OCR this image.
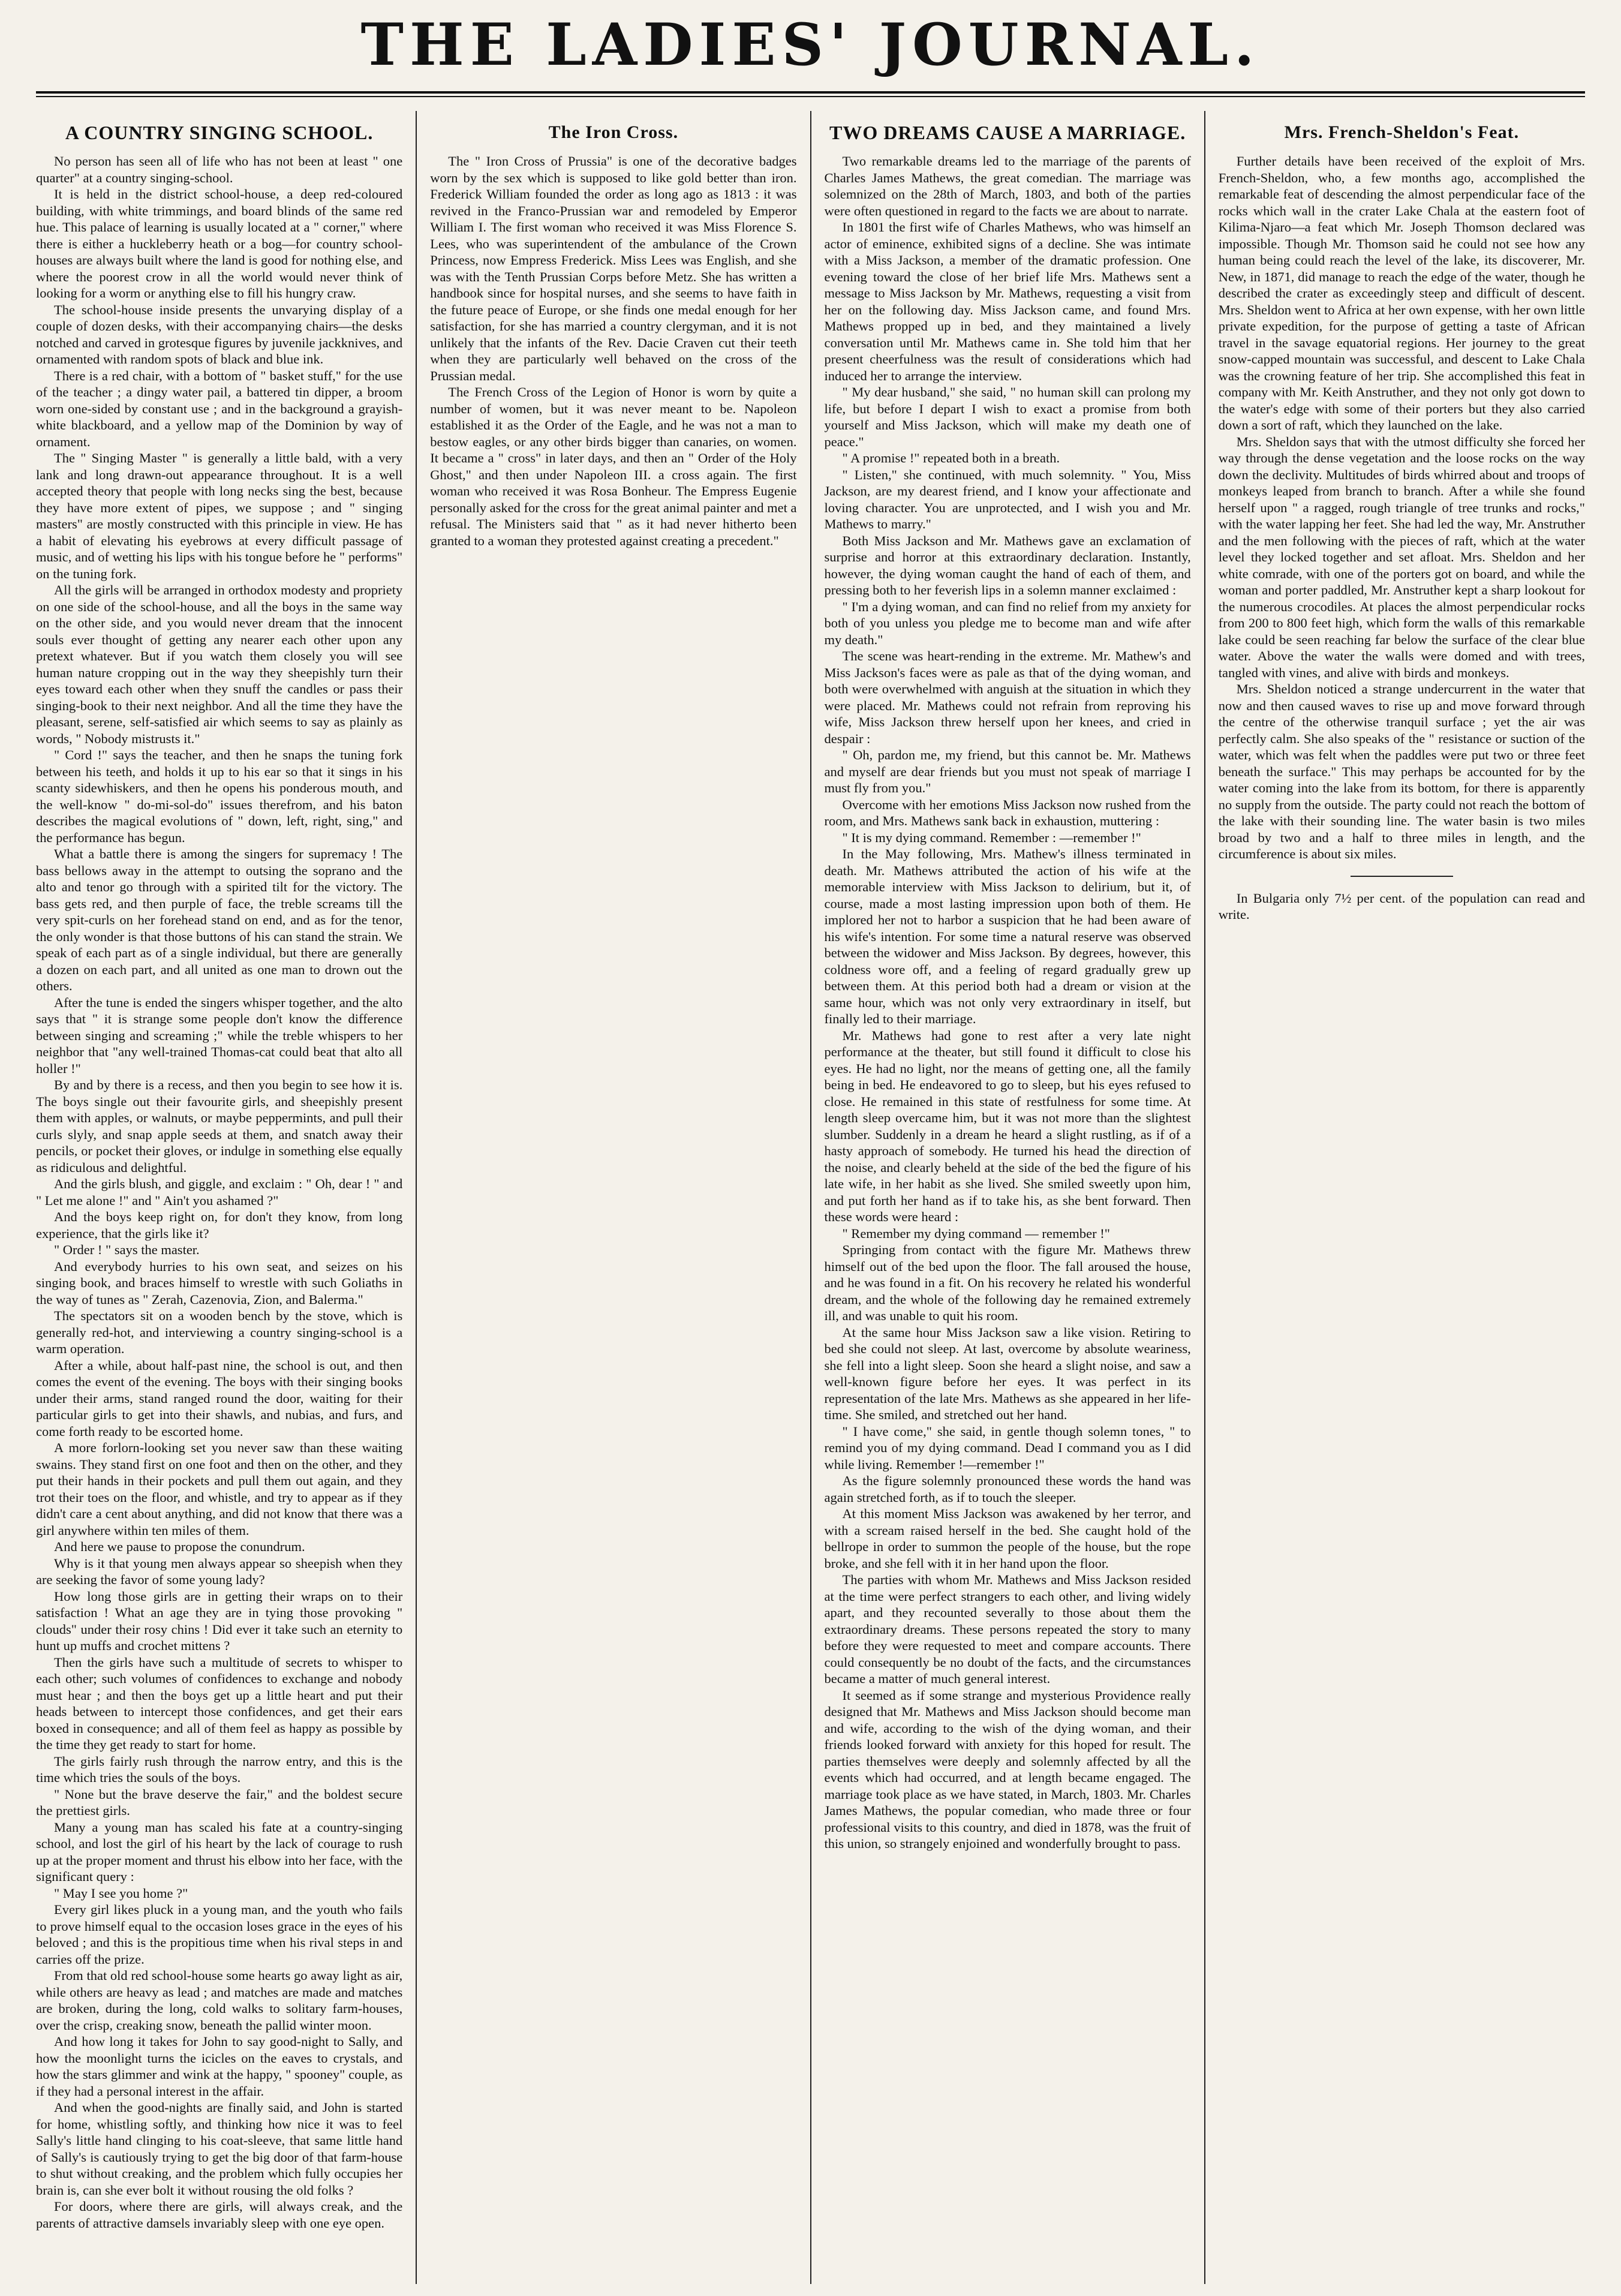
THE LADIES' JOURNAL.
A COUNTRY SINGING SCHOOL.

No person has seen all of life who has not been at least " one quarter" at a country singing-school.

It is held in the district school-house, a deep red-coloured building, with white trimmings, and board blinds of the same red hue. This palace of learning is usually located at a " corner," where there is either a huckleberry heath or a bog—for country school-houses are always built where the land is good for nothing else, and where the poorest crow in all the world would never think of looking for a worm or anything else to fill his hungry craw.

The school-house inside presents the unvarying display of a couple of dozen desks, with their accompanying chairs—the desks notched and carved in grotesque figures by juvenile jackknives, and ornamented with random spots of black and blue ink.

There is a red chair, with a bottom of " basket stuff," for the use of the teacher ; a dingy water pail, a battered tin dipper, a broom worn one-sided by constant use ; and in the background a grayish-white blackboard, and a yellow map of the Dominion by way of ornament.

The " Singing Master " is generally a little bald, with a very lank and long drawn-out appearance throughout. It is a well accepted theory that people with long necks sing the best, because they have more extent of pipes, we suppose ; and " singing masters" are mostly constructed with this principle in view. He has a habit of elevating his eyebrows at every difficult passage of music, and of wetting his lips with his tongue before he " performs" on the tuning fork.

All the girls will be arranged in orthodox modesty and propriety on one side of the school-house, and all the boys in the same way on the other side, and you would never dream that the innocent souls ever thought of getting any nearer each other upon any pretext whatever. But if you watch them closely you will see human nature cropping out in the way they sheepishly turn their eyes toward each other when they snuff the candles or pass their singing-book to their next neighbor. And all the time they have the pleasant, serene, self-satisfied air which seems to say as plainly as words, " Nobody mistrusts it."

" Cord !" says the teacher, and then he snaps the tuning fork between his teeth, and holds it up to his ear so that it sings in his scanty sidewhiskers, and then he opens his ponderous mouth, and the well-know " do-mi-sol-do" issues therefrom, and his baton describes the magical evolutions of " down, left, right, sing," and the performance has begun.

What a battle there is among the singers for supremacy ! The bass bellows away in the attempt to outsing the soprano and the alto and tenor go through with a spirited tilt for the victory. The bass gets red, and then purple of face, the treble screams till the very spit-curls on her forehead stand on end, and as for the tenor, the only wonder is that those buttons of his can stand the strain. We speak of each part as of a single individual, but there are generally a dozen on each part, and all united as one man to drown out the others.

After the tune is ended the singers whisper together, and the alto says that " it is strange some people don't know the difference between singing and screaming ;" while the treble whispers to her neighbor that "any well-trained Thomas-cat could beat that alto all holler !"

By and by there is a recess, and then you begin to see how it is. The boys single out their favourite girls, and sheepishly present them with apples, or walnuts, or maybe peppermints, and pull their curls slyly, and snap apple seeds at them, and snatch away their pencils, or pocket their gloves, or indulge in something else equally as ridiculous and delightful.

And the girls blush, and giggle, and exclaim : " Oh, dear ! " and " Let me alone !" and " Ain't you ashamed ?"

And the boys keep right on, for don't they know, from long experience, that the girls like it?

" Order ! " says the master.

And everybody hurries to his own seat, and seizes on his singing book, and braces himself to wrestle with such Goliaths in the way of tunes as " Zerah, Cazenovia, Zion, and Balerma."

The spectators sit on a wooden bench by the stove, which is generally red-hot, and interviewing a country singing-school is a warm operation.

After a while, about half-past nine, the school is out, and then comes the event of the evening. The boys with their singing books under their arms, stand ranged round the door, waiting for their particular girls to get into their shawls, and nubias, and furs, and come forth ready to be escorted home.

A more forlorn-looking set you never saw than these waiting swains. They stand first on one foot and then on the other, and they put their hands in their pockets and pull them out again, and they trot their toes on the floor, and whistle, and try to appear as if they didn't care a cent about anything, and did not know that there was a girl anywhere within ten miles of them.

And here we pause to propose the conundrum.

Why is it that young men always appear so sheepish when they are seeking the favor of some young lady?

How long those girls are in getting their wraps on to their satisfaction ! What an age they are in tying those provoking " clouds" under their rosy chins ! Did ever it take such an eternity to hunt up muffs and crochet mittens ?

Then the girls have such a multitude of secrets to whisper to each other; such volumes of confidences to exchange and nobody must hear ; and then the boys get up a little heart and put their heads between to intercept those confidences, and get their ears boxed in consequence; and all of them feel as happy as possible by the time they get ready to start for home.

The girls fairly rush through the narrow entry, and this is the time which tries the souls of the boys.

" None but the brave deserve the fair," and the boldest secure the prettiest girls.

Many a young man has scaled his fate at a country-singing school, and lost the girl of his heart by the lack of courage to rush up at the proper moment and thrust his elbow into her face, with the significant query :

" May I see you home ?"

Every girl likes pluck in a young man, and the youth who fails to prove himself equal to the occasion loses grace in the eyes of his beloved ; and this is the propitious time when his rival steps in and carries off the prize.

From that old red school-house some hearts go away light as air, while others are heavy as lead ; and matches are made and matches are broken, during the long, cold walks to solitary farm-houses, over the crisp, creaking snow, beneath the pallid winter moon.

And how long it takes for John to say good-night to Sally, and how the moonlight turns the icicles on the eaves to crystals, and how the stars glimmer and wink at the happy, " spooney" couple, as if they had a personal interest in the affair.

And when the good-nights are finally said, and John is started for home, whistling softly, and thinking how nice it was to feel Sally's little hand clinging to his coat-sleeve, that same little hand of Sally's is cautiously trying to get the big door of that farm-house to shut without creaking, and the problem which fully occupies her brain is, can she ever bolt it without rousing the old folks ?

For doors, where there are girls, will always creak, and the parents of attractive damsels invariably sleep with one eye open.

The Iron Cross.

The " Iron Cross of Prussia" is one of the decorative badges worn by the sex which is supposed to like gold better than iron. Frederick William founded the order as long ago as 1813 : it was revived in the Franco-Prussian war and remodeled by Emperor William I. The first woman who received it was Miss Florence S. Lees, who was superintendent of the ambulance of the Crown Princess, now Empress Frederick. Miss Lees was English, and she was with the Tenth Prussian Corps before Metz. She has written a handbook since for hospital nurses, and she seems to have faith in the future peace of Europe, or she finds one medal enough for her satisfaction, for she has married a country clergyman, and it is not unlikely that the infants of the Rev. Dacie Craven cut their teeth when they are particularly well behaved on the cross of the Prussian medal.

The French Cross of the Legion of Honor is worn by quite a number of women, but it was never meant to be. Napoleon established it as the Order of the Eagle, and he was not a man to bestow eagles, or any other birds bigger than canaries, on women. It became a " cross" in later days, and then an " Order of the Holy Ghost," and then under Napoleon III. a cross again. The first woman who received it was Rosa Bonheur. The Empress Eugenie personally asked for the cross for the great animal painter and met a refusal. The Ministers said that " as it had never hitherto been granted to a woman they protested against creating a precedent."

TWO DREAMS CAUSE A MARRIAGE.

Two remarkable dreams led to the marriage of the parents of Charles James Mathews, the great comedian. The marriage was solemnized on the 28th of March, 1803, and both of the parties were often questioned in regard to the facts we are about to narrate.

In 1801 the first wife of Charles Mathews, who was himself an actor of eminence, exhibited signs of a decline. She was intimate with a Miss Jackson, a member of the dramatic profession. One evening toward the close of her brief life Mrs. Mathews sent a message to Miss Jackson by Mr. Mathews, requesting a visit from her on the following day. Miss Jackson came, and found Mrs. Mathews propped up in bed, and they maintained a lively conversation until Mr. Mathews came in. She told him that her present cheerfulness was the result of considerations which had induced her to arrange the interview.

" My dear husband," she said, " no human skill can prolong my life, but before I depart I wish to exact a promise from both yourself and Miss Jackson, which will make my death one of peace."

" A promise !" repeated both in a breath.

" Listen," she continued, with much solemnity. " You, Miss Jackson, are my dearest friend, and I know your affectionate and loving character. You are unprotected, and I wish you and Mr. Mathews to marry."

Both Miss Jackson and Mr. Mathews gave an exclamation of surprise and horror at this extraordinary declaration. Instantly, however, the dying woman caught the hand of each of them, and pressing both to her feverish lips in a solemn manner exclaimed :

" I'm a dying woman, and can find no relief from my anxiety for both of you unless you pledge me to become man and wife after my death."

The scene was heart-rending in the extreme. Mr. Mathew's and Miss Jackson's faces were as pale as that of the dying woman, and both were overwhelmed with anguish at the situation in which they were placed. Mr. Mathews could not refrain from reproving his wife, Miss Jackson threw herself upon her knees, and cried in despair :

" Oh, pardon me, my friend, but this cannot be. Mr. Mathews and myself are dear friends but you must not speak of marriage I must fly from you."

Overcome with her emotions Miss Jackson now rushed from the room, and Mrs. Mathews sank back in exhaustion, muttering :

" It is my dying command. Remember : —remember !"

In the May following, Mrs. Mathew's illness terminated in death. Mr. Mathews attributed the action of his wife at the memorable interview with Miss Jackson to delirium, but it, of course, made a most lasting impression upon both of them. He implored her not to harbor a suspicion that he had been aware of his wife's intention. For some time a natural reserve was observed between the widower and Miss Jackson. By degrees, however, this coldness wore off, and a feeling of regard gradually grew up between them. At this period both had a dream or vision at the same hour, which was not only very extraordinary in itself, but finally led to their marriage.

Mr. Mathews had gone to rest after a very late night performance at the theater, but still found it difficult to close his eyes. He had no light, nor the means of getting one, all the family being in bed. He endeavored to go to sleep, but his eyes refused to close. He remained in this state of restfulness for some time. At length sleep overcame him, but it was not more than the slightest slumber. Suddenly in a dream he heard a slight rustling, as if of a hasty approach of somebody. He turned his head the direction of the noise, and clearly beheld at the side of the bed the figure of his late wife, in her habit as she lived. She smiled sweetly upon him, and put forth her hand as if to take his, as she bent forward. Then these words were heard :

" Remember my dying command — remember !"

Springing from contact with the figure Mr. Mathews threw himself out of the bed upon the floor. The fall aroused the house, and he was found in a fit. On his recovery he related his wonderful dream, and the whole of the following day he remained extremely ill, and was unable to quit his room.

At the same hour Miss Jackson saw a like vision. Retiring to bed she could not sleep. At last, overcome by absolute weariness, she fell into a light sleep. Soon she heard a slight noise, and saw a well-known figure before her eyes. It was perfect in its representation of the late Mrs. Mathews as she appeared in her life-time. She smiled, and stretched out her hand.

" I have come," she said, in gentle though solemn tones, " to remind you of my dying command. Dead I command you as I did while living. Remember !—remember !"

As the figure solemnly pronounced these words the hand was again stretched forth, as if to touch the sleeper.

At this moment Miss Jackson was awakened by her terror, and with a scream raised herself in the bed. She caught hold of the bellrope in order to summon the people of the house, but the rope broke, and she fell with it in her hand upon the floor.

The parties with whom Mr. Mathews and Miss Jackson resided at the time were perfect strangers to each other, and living widely apart, and they recounted severally to those about them the extraordinary dreams. These persons repeated the story to many before they were requested to meet and compare accounts. There could consequently be no doubt of the facts, and the circumstances became a matter of much general interest.

It seemed as if some strange and mysterious Providence really designed that Mr. Mathews and Miss Jackson should become man and wife, according to the wish of the dying woman, and their friends looked forward with anxiety for this hoped for result. The parties themselves were deeply and solemnly affected by all the events which had occurred, and at length became engaged. The marriage took place as we have stated, in March, 1803. Mr. Charles James Mathews, the popular comedian, who made three or four professional visits to this country, and died in 1878, was the fruit of this union, so strangely enjoined and wonderfully brought to pass.

Mrs. French-Sheldon's Feat.

Further details have been received of the exploit of Mrs. French-Sheldon, who, a few months ago, accomplished the remarkable feat of descending the almost perpendicular face of the rocks which wall in the crater Lake Chala at the eastern foot of Kilima-Njaro—a feat which Mr. Joseph Thomson declared was impossible. Though Mr. Thomson said he could not see how any human being could reach the level of the lake, its discoverer, Mr. New, in 1871, did manage to reach the edge of the water, though he described the crater as exceedingly steep and difficult of descent. Mrs. Sheldon went to Africa at her own expense, with her own little private expedition, for the purpose of getting a taste of African travel in the savage equatorial regions. Her journey to the great snow-capped mountain was successful, and descent to Lake Chala was the crowning feature of her trip. She accomplished this feat in company with Mr. Keith Anstruther, and they not only got down to the water's edge with some of their porters but they also carried down a sort of raft, which they launched on the lake.

Mrs. Sheldon says that with the utmost difficulty she forced her way through the dense vegetation and the loose rocks on the way down the declivity. Multitudes of birds whirred about and troops of monkeys leaped from branch to branch. After a while she found herself upon " a ragged, rough triangle of tree trunks and rocks," with the water lapping her feet. She had led the way, Mr. Anstruther and the men following with the pieces of raft, which at the water level they locked together and set afloat. Mrs. Sheldon and her white comrade, with one of the porters got on board, and while the woman and porter paddled, Mr. Anstruther kept a sharp lookout for the numerous crocodiles. At places the almost perpendicular rocks from 200 to 800 feet high, which form the walls of this remarkable lake could be seen reaching far below the surface of the clear blue water. Above the water the walls were domed and with trees, tangled with vines, and alive with birds and monkeys.

Mrs. Sheldon noticed a strange undercurrent in the water that now and then caused waves to rise up and move forward through the centre of the otherwise tranquil surface ; yet the air was perfectly calm. She also speaks of the " resistance or suction of the water, which was felt when the paddles were put two or three feet beneath the surface." This may perhaps be accounted for by the water coming into the lake from its bottom, for there is apparently no supply from the outside. The party could not reach the bottom of the lake with their sounding line. The water basin is two miles broad by two and a half to three miles in length, and the circumference is about six miles.

In Bulgaria only 7½ per cent. of the population can read and write.
